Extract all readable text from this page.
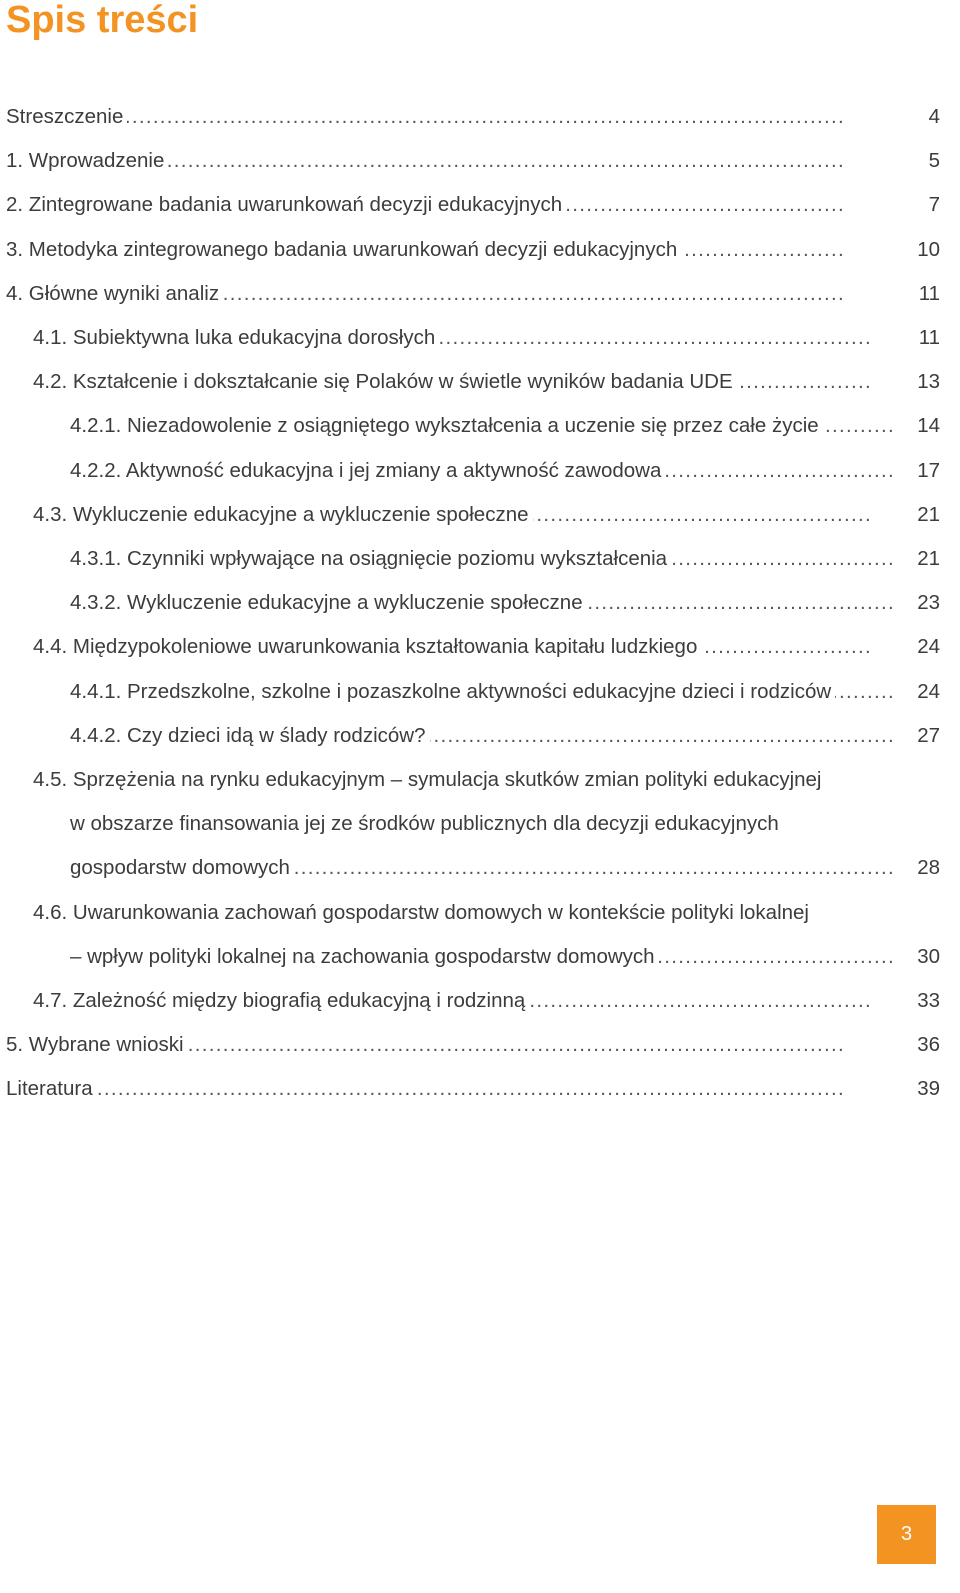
Spis treści
Streszczenie . . .	4
1. Wprowadzenie . . .	5
2. Zintegrowane badania uwarunkowań decyzji edukacyjnych . . .	7
3. Metodyka zintegrowanego badania uwarunkowań decyzji edukacyjnych . . .	10
4. Główne wyniki analiz . . .	11
4.1. Subiektywna luka edukacyjna dorosłych . . .	11
4.2. Kształcenie i dokształcanie się Polaków w świetle wyników badania UDE . . .	13
4.2.1. Niezadowolenie z osiągniętego wykształcenia a uczenie się przez całe życie . . .	14
4.2.2. Aktywność edukacyjna i jej zmiany a aktywność zawodowa . . .	17
4.3. Wykluczenie edukacyjne a wykluczenie społeczne . . .	21
4.3.1. Czynniki wpływające na osiągnięcie poziomu wykształcenia . . .	21
4.3.2. Wykluczenie edukacyjne a wykluczenie społeczne . . .	23
4.4. Międzypokoleniowe uwarunkowania kształtowania kapitału ludzkiego . . .	24
4.4.1. Przedszkolne, szkolne i pozaszkolne aktywności edukacyjne dzieci i rodziców . . .	24
4.4.2. Czy dzieci idą w ślady rodziców? . . .	27
4.5. Sprzężenia na rynku edukacyjnym – symulacja skutków zmian polityki edukacyjnej
w obszarze finansowania jej ze środków publicznych dla decyzji edukacyjnych
gospodarstw domowych . . .	28
4.6. Uwarunkowania zachowań gospodarstw domowych w kontekście polityki lokalnej
– wpływ polityki lokalnej na zachowania gospodarstw domowych . . .	30
4.7. Zależność między biografią edukacyjną i rodzinną . . .	33
5. Wybrane wnioski . . .	36
Literatura . . .	39
3
